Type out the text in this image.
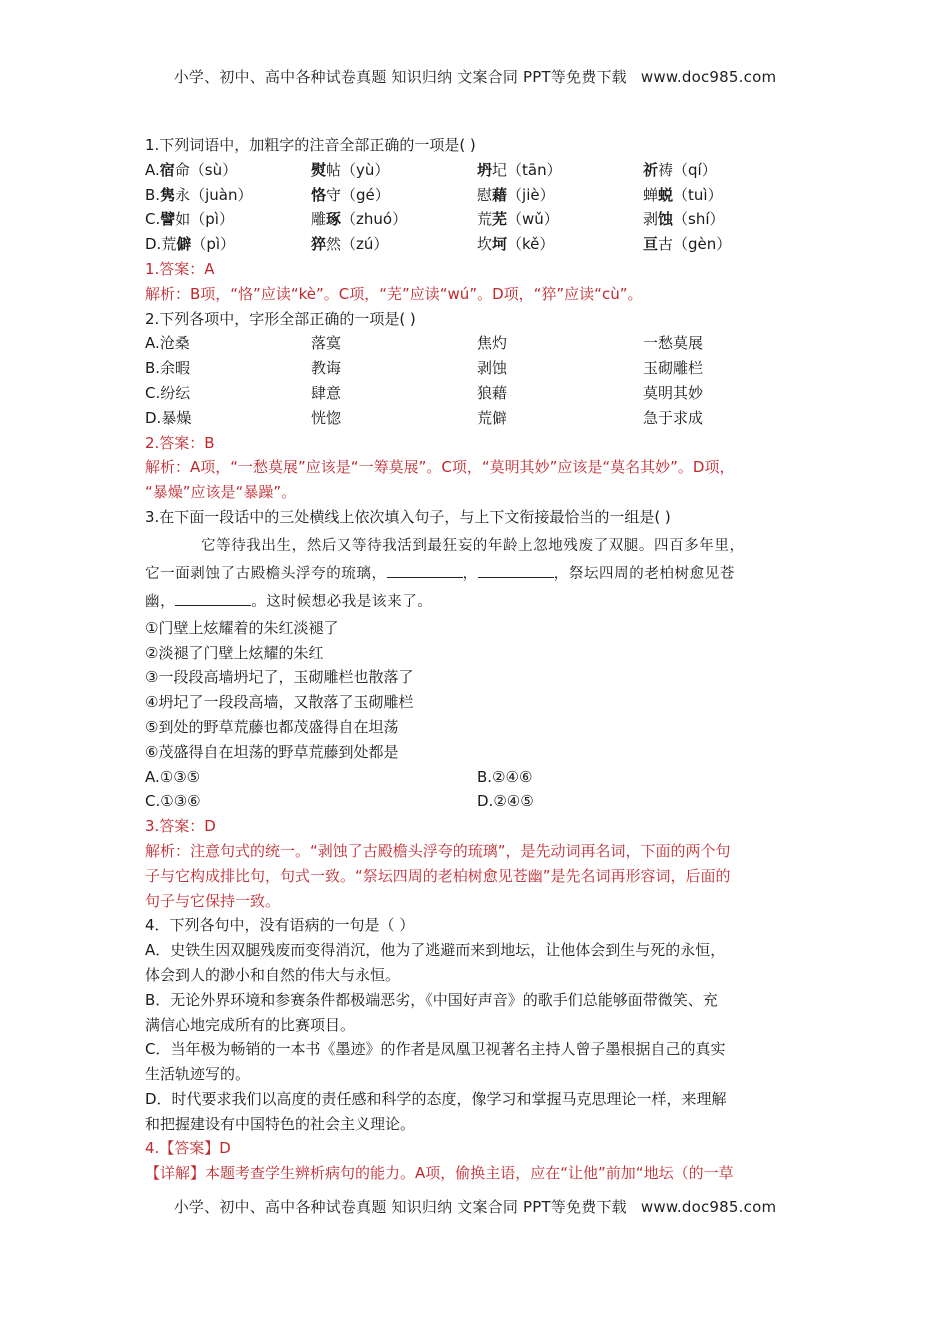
小学、初中、高中各种试卷真题 知识归纳 文案合同 PPT等免费下载 www.doc985.com
1.下列词语中，加粗字的注音全部正确的一项是( )
A.宿命（sù）	熨帖（yù）	坍圮（tān）	祈祷（qí）
B.隽永（juàn）	恪守（gé）	慰藉（jiè）	蝉蜕（tuì）
C.譬如（pì）	雕琢（zhuó）	荒芜（wǔ）	剥蚀（shí）
D.荒僻（pì）	猝然（zú）	坎坷（kě）	亘古（gèn）
1.答案：A
解析：B项，“恪”应读“kè”。C项，“芜”应读“wú”。D项，“猝”应读“cù”。
2.下列各项中，字形全部正确的一项是( )
A.沧桑	落寞	焦灼	一愁莫展
B.余暇	教诲	剥蚀	玉砌雕栏
C.纷纭	肆意	狼藉	莫明其妙
D.暴燥	恍惚	荒僻	急于求成
2.答案：B
解析：A项，“一愁莫展”应该是“一筹莫展”。C项，“莫明其妙”应该是“莫名其妙”。D项，
“暴燥”应该是“暴躁”。
3.在下面一段话中的三处横线上依次填入句子，与上下文衔接最恰当的一组是( )
它等待我出生，然后又等待我活到最狂妄的年龄上忽地残废了双腿。四百多年里，
它一面剥蚀了古殿檐头浮夸的琉璃，	，	，祭坛四周的老柏树愈见苍
幽，	。这时候想必我是该来了。
①门壁上炫耀着的朱红淡褪了
②淡褪了门壁上炫耀的朱红
③一段段高墙坍圮了，玉砌雕栏也散落了
④坍圮了一段段高墙，又散落了玉砌雕栏
⑤到处的野草荒藤也都茂盛得自在坦荡
⑥茂盛得自在坦荡的野草荒藤到处都是
A.①③⑤	B.②④⑥
C.①③⑥	D.②④⑤
3.答案：D
解析：注意句式的统一。“剥蚀了古殿檐头浮夸的琉璃”，是先动词再名词，下面的两个句
子与它构成排比句，句式一致。“祭坛四周的老柏树愈见苍幽”是先名词再形容词，后面的
句子与它保持一致。
4．下列各句中，没有语病的一句是（ ）
A．史铁生因双腿残废而变得消沉，他为了逃避而来到地坛，让他体会到生与死的永恒，
体会到人的渺小和自然的伟大与永恒。
B．无论外界环境和参赛条件都极端恶劣，《中国好声音》的歌手们总能够面带微笑、充
满信心地完成所有的比赛项目。
C．当年极为畅销的一本书《墨迹》的作者是凤凰卫视著名主持人曾子墨根据自己的真实
生活轨迹写的。
D．时代要求我们以高度的责任感和科学的态度，像学习和掌握马克思理论一样，来理解
和把握建设有中国特色的社会主义理论。
4.【答案】D
【详解】本题考查学生辨析病句的能力。A项，偷换主语，应在“让他”前加“地坛（的一草
小学、初中、高中各种试卷真题 知识归纳 文案合同 PPT等免费下载 www.doc985.com
